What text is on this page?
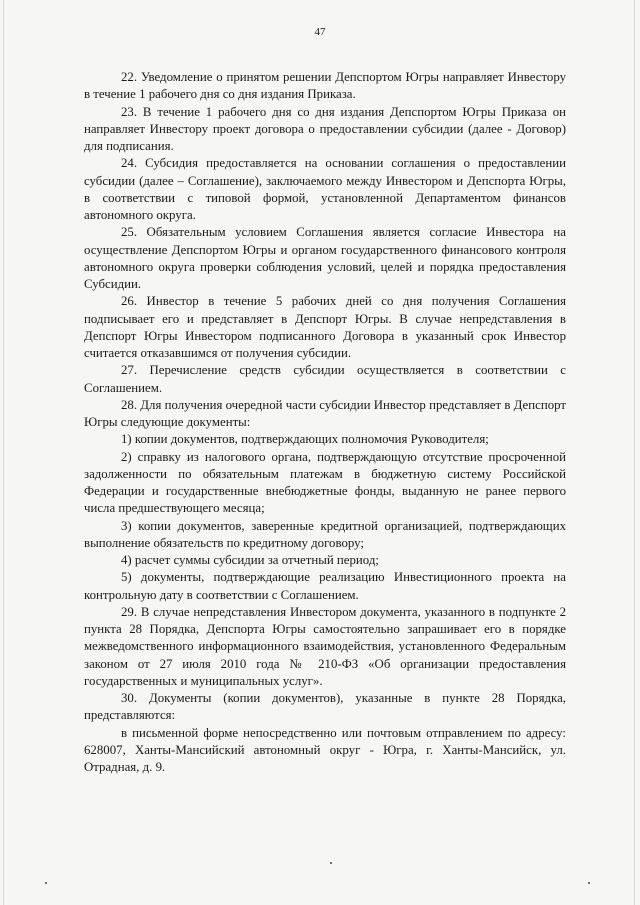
47

22. Уведомление о принятом решении Депспортом Югры направляет Инвестору в течение 1 рабочего дня со дня издания Приказа.

23. В течение 1 рабочего дня со дня издания Депспортом Югры Приказа он направляет Инвестору проект договора о предоставлении субсидии (далее - Договор) для подписания.

24. Субсидия предоставляется на основании соглашения о предоставлении субсидии (далее – Соглашение), заключаемого между Инвестором и Депспорта Югры, в соответствии с типовой формой, установленной Департаментом финансов автономного округа.

25. Обязательным условием Соглашения является согласие Инвестора на осуществление Депспортом Югры и органом государственного финансового контроля автономного округа проверки соблюдения условий, целей и порядка предоставления Субсидии.

26. Инвестор в течение 5 рабочих дней со дня получения Соглашения подписывает его и представляет в Депспорт Югры. В случае непредставления в Депспорт Югры Инвестором подписанного Договора в указанный срок Инвестор считается отказавшимся от получения субсидии.

27. Перечисление средств субсидии осуществляется в соответствии с Соглашением.

28. Для получения очередной части субсидии Инвестор представляет в Депспорт Югры следующие документы:

1) копии документов, подтверждающих полномочия Руководителя;

2) справку из налогового органа, подтверждающую отсутствие просроченной задолженности по обязательным платежам в бюджетную систему Российской Федерации и государственные внебюджетные фонды, выданную не ранее первого числа предшествующего месяца;

3) копии документов, заверенные кредитной организацией, подтверждающих выполнение обязательств по кредитному договору;

4) расчет суммы субсидии за отчетный период;

5) документы, подтверждающие реализацию Инвестиционного проекта на контрольную дату в соответствии с Соглашением.

29. В случае непредставления Инвестором документа, указанного в подпункте 2 пункта 28 Порядка, Депспорта Югры самостоятельно запрашивает его в порядке межведомственного информационного взаимодействия, установленного Федеральным законом от 27 июля 2010 года № 210-ФЗ «Об организации предоставления государственных и муниципальных услуг».

30. Документы (копии документов), указанные в пункте 28 Порядка, представляются:

в письменной форме непосредственно или почтовым отправлением по адресу: 628007, Ханты-Мансийский автономный округ - Югра, г. Ханты-Мансийск, ул. Отрадная, д. 9.
